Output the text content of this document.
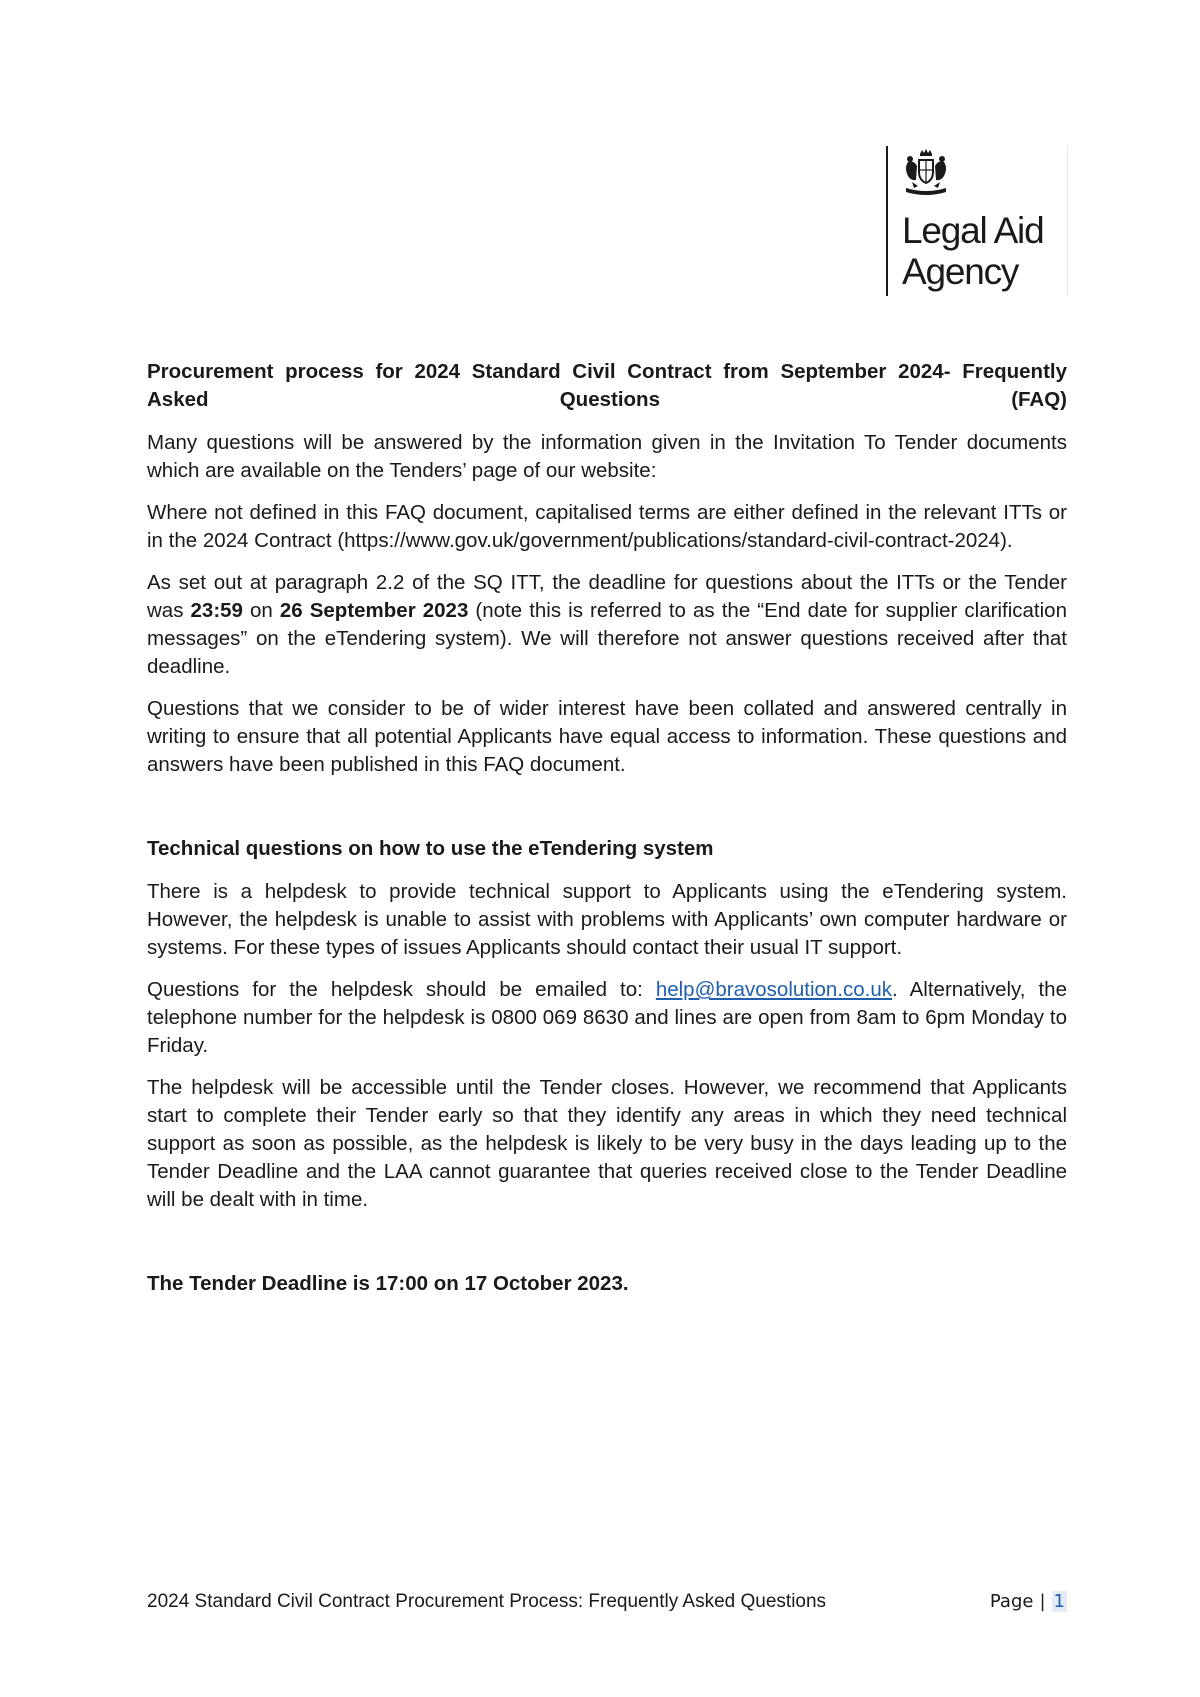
Legal Aid
Agency

Procurement process for 2024 Standard Civil Contract from September 2024- Frequently Asked Questions (FAQ)

Many questions will be answered by the information given in the Invitation To Tender documents which are available on the Tenders’ page of our website:

Where not defined in this FAQ document, capitalised terms are either defined in the relevant ITTs or in the 2024 Contract (https://www.gov.uk/government/publications/standard-civil-contract-2024).

As set out at paragraph 2.2 of the SQ ITT, the deadline for questions about the ITTs or the Tender was 23:59 on 26 September 2023 (note this is referred to as the “End date for supplier clarification messages” on the eTendering system). We will therefore not answer questions received after that deadline.

Questions that we consider to be of wider interest have been collated and answered centrally in writing to ensure that all potential Applicants have equal access to information. These questions and answers have been published in this FAQ document.

Technical questions on how to use the eTendering system

There is a helpdesk to provide technical support to Applicants using the eTendering system. However, the helpdesk is unable to assist with problems with Applicants’ own computer hardware or systems. For these types of issues Applicants should contact their usual IT support.

Questions for the helpdesk should be emailed to: help@bravosolution.co.uk. Alternatively, the telephone number for the helpdesk is 0800 069 8630 and lines are open from 8am to 6pm Monday to Friday.

The helpdesk will be accessible until the Tender closes. However, we recommend that Applicants start to complete their Tender early so that they identify any areas in which they need technical support as soon as possible, as the helpdesk is likely to be very busy in the days leading up to the Tender Deadline and the LAA cannot guarantee that queries received close to the Tender Deadline will be dealt with in time.

The Tender Deadline is 17:00 on 17 October 2023.

2024 Standard Civil Contract Procurement Process: Frequently Asked Questions	Page | 1
